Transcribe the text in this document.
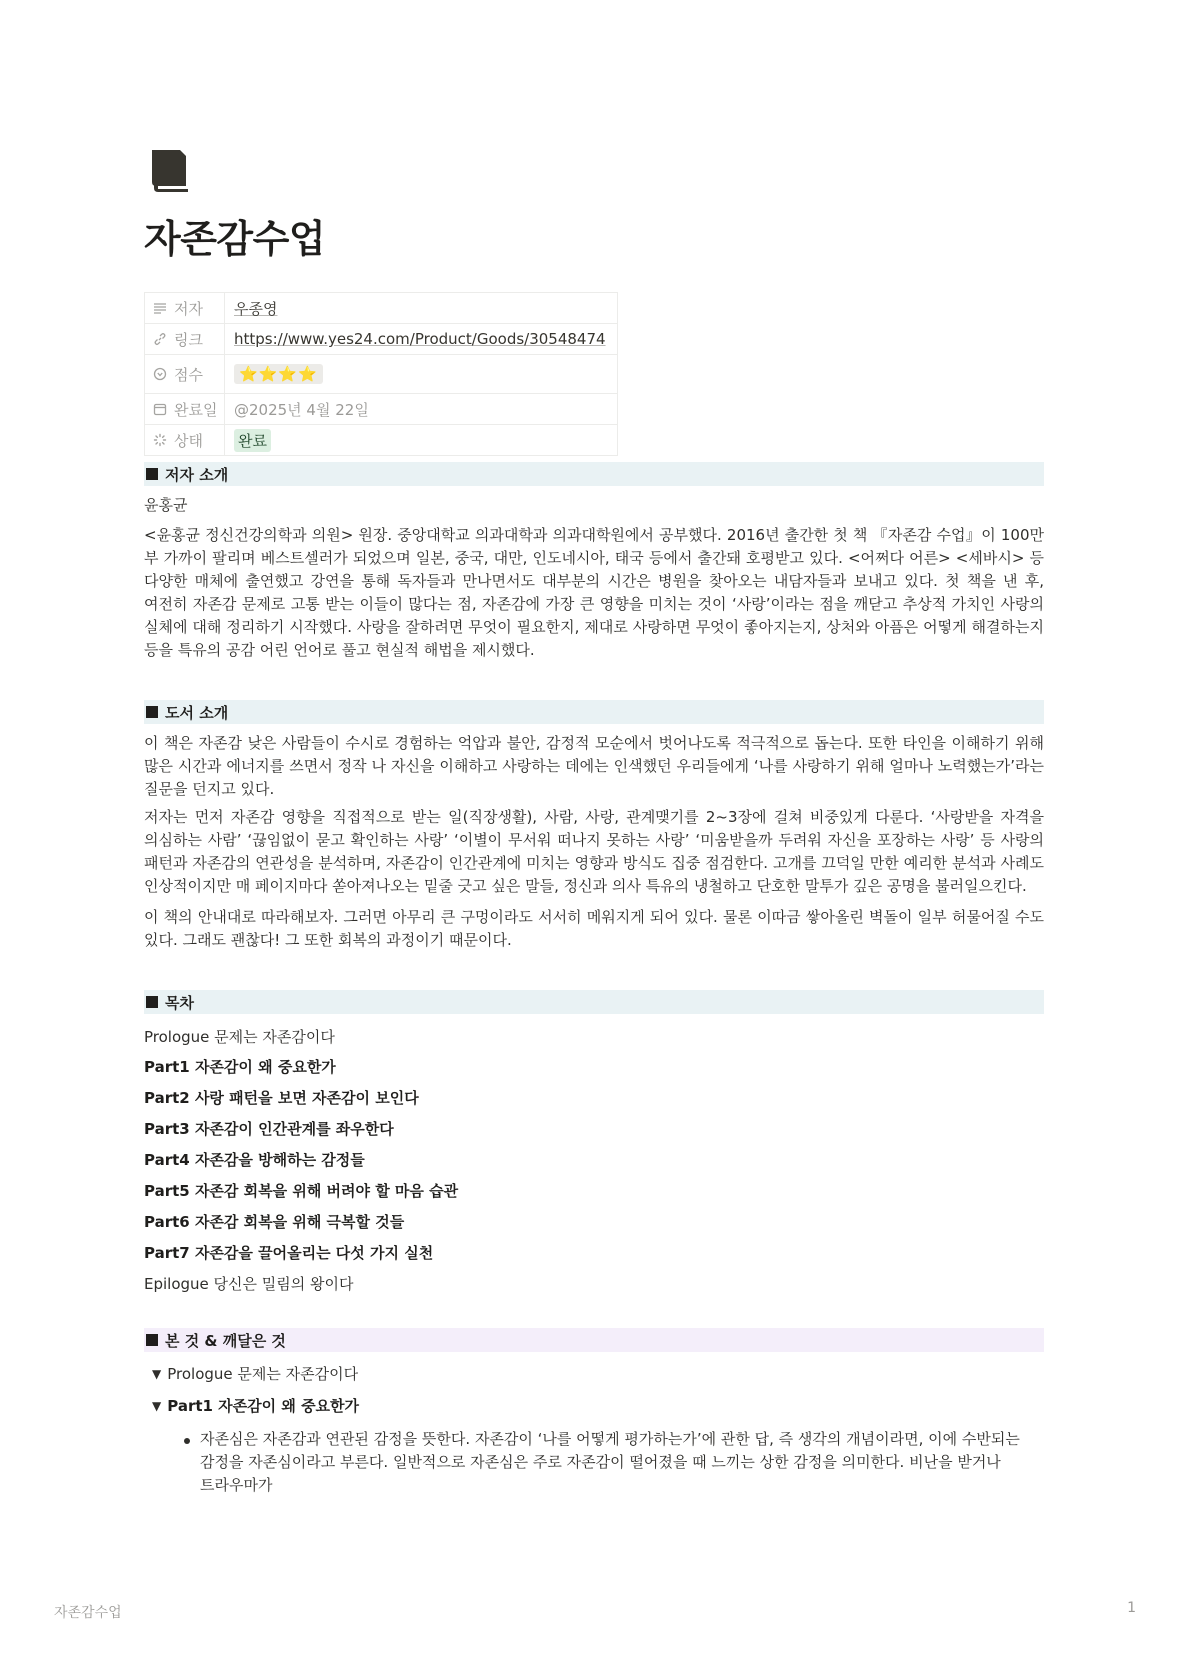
자존감수업
저자 우종영
링크 https://www.yes24.com/Product/Goods/30548474
점수	⭐⭐⭐⭐
완료일 @2025년 4월 22일
상태 완료
저자 소개

윤홍균

<윤홍균 정신건강의학과 의원> 원장. 중앙대학교 의과대학과 의과대학원에서 공부했다. 2016년 출간한 첫 책 『자존감 수업』이 100만 부 가까이 팔리며 베스트셀러가 되었으며 일본, 중국, 대만, 인도네시아, 태국 등에서 출간돼 호평받고 있다. <어쩌다 어른> <세바시> 등 다양한 매체에 출연했고 강연을 통해 독자들과 만나면서도 대부분의 시간은 병원을 찾아오는 내담자들과 보내고 있다. 첫 책을 낸 후, 여전히 자존감 문제로 고통 받는 이들이 많다는 점, 자존감에 가장 큰 영향을 미치는 것이 ‘사랑’이라는 점을 깨닫고 추상적 가치인 사랑의 실체에 대해 정리하기 시작했다. 사랑을 잘하려면 무엇이 필요한지, 제대로 사랑하면 무엇이 좋아지는지, 상처와 아픔은 어떻게 해결하는지 등을 특유의 공감 어린 언어로 풀고 현실적 해법을 제시했다.

도서 소개

이 책은 자존감 낮은 사람들이 수시로 경험하는 억압과 불안, 감정적 모순에서 벗어나도록 적극적으로 돕는다. 또한 타인을 이해하기 위해 많은 시간과 에너지를 쓰면서 정작 나 자신을 이해하고 사랑하는 데에는 인색했던 우리들에게 ‘나를 사랑하기 위해 얼마나 노력했는가’라는 질문을 던지고 있다.

저자는 먼저 자존감 영향을 직접적으로 받는 일(직장생활), 사람, 사랑, 관계맺기를 2~3장에 걸쳐 비중있게 다룬다. ‘사랑받을 자격을 의심하는 사람’ ‘끊임없이 묻고 확인하는 사랑’ ‘이별이 무서워 떠나지 못하는 사랑’ ‘미움받을까 두려워 자신을 포장하는 사랑’ 등 사랑의 패턴과 자존감의 연관성을 분석하며, 자존감이 인간관계에 미치는 영향과 방식도 집중 점검한다. 고개를 끄덕일 만한 예리한 분석과 사례도 인상적이지만 매 페이지마다 쏟아져나오는 밑줄 긋고 싶은 말들, 정신과 의사 특유의 냉철하고 단호한 말투가 깊은 공명을 불러일으킨다.

이 책의 안내대로 따라해보자. 그러면 아무리 큰 구멍이라도 서서히 메워지게 되어 있다. 물론 이따금 쌓아올린 벽돌이 일부 허물어질 수도 있다. 그래도 괜찮다! 그 또한 회복의 과정이기 때문이다.

목차

Prologue 문제는 자존감이다

Part1 자존감이 왜 중요한가

Part2 사랑 패턴을 보면 자존감이 보인다

Part3 자존감이 인간관계를 좌우한다

Part4 자존감을 방해하는 감정들

Part5 자존감 회복을 위해 버려야 할 마음 습관

Part6 자존감 회복을 위해 극복할 것들

Part7 자존감을 끌어올리는 다섯 가지 실천

Epilogue 당신은 밀림의 왕이다

본 것 & 깨달은 것
▼ Prologue 문제는 자존감이다
▼ Part1 자존감이 왜 중요한가

자존심은 자존감과 연관된 감정을 뜻한다. 자존감이 ‘나를 어떻게 평가하는가’에 관한 답, 즉 생각의 개념이라면, 이에 수반되는 감정을 자존심이라고 부른다. 일반적으로 자존심은 주로 자존감이 떨어졌을 때 느끼는 상한 감정을 의미한다. 비난을 받거나 트라우마가

자존감수업	1
